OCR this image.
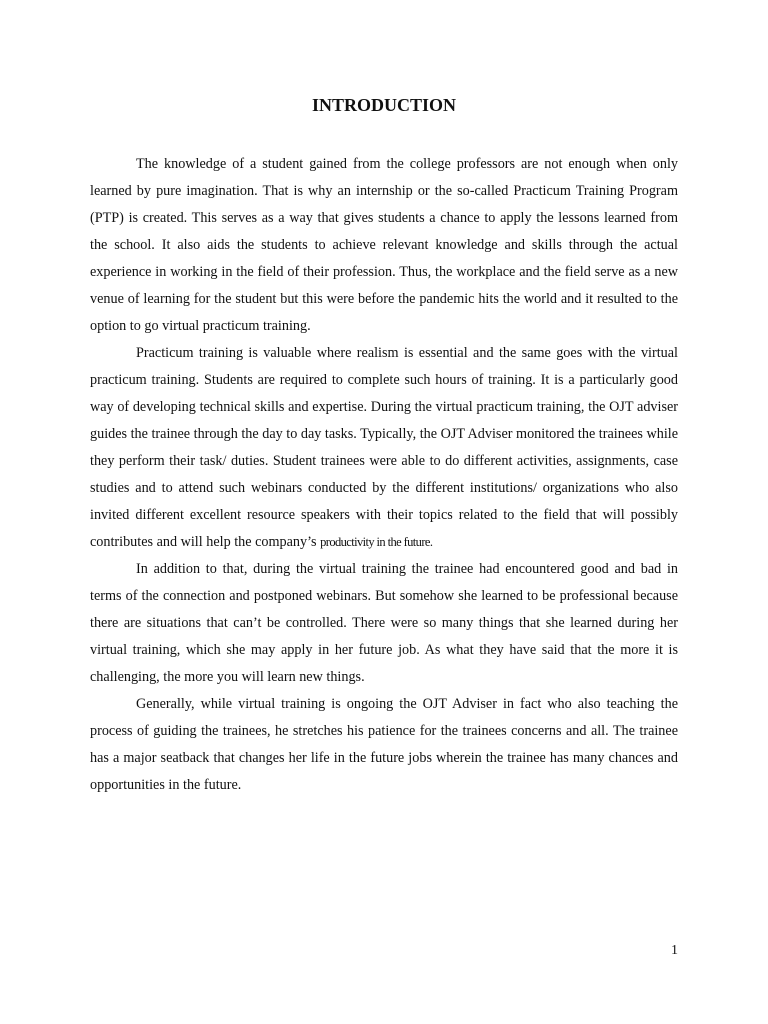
INTRODUCTION

The knowledge of a student gained from the college professors are not enough when only learned by pure imagination. That is why an internship or the so-called Practicum Training Program (PTP) is created. This serves as a way that gives students a chance to apply the lessons learned from the school. It also aids the students to achieve relevant knowledge and skills through the actual experience in working in the field of their profession. Thus, the workplace and the field serve as a new venue of learning for the student but this were before the pandemic hits the world and it resulted to the option to go virtual practicum training.

Practicum training is valuable where realism is essential and the same goes with the virtual practicum training. Students are required to complete such hours of training. It is a particularly good way of developing technical skills and expertise. During the virtual practicum training, the OJT adviser guides the trainee through the day to day tasks. Typically, the OJT Adviser monitored the trainees while they perform their task/ duties. Student trainees were able to do different activities, assignments, case studies and to attend such webinars conducted by the different institutions/ organizations who also invited different excellent resource speakers with their topics related to the field that will possibly contributes and will help the company’s productivity in the future.

In addition to that, during the virtual training the trainee had encountered good and bad in terms of the connection and postponed webinars. But somehow she learned to be professional because there are situations that can’t be controlled. There were so many things that she learned during her virtual training, which she may apply in her future job. As what they have said that the more it is challenging, the more you will learn new things.

Generally, while virtual training is ongoing the OJT Adviser in fact who also teaching the process of guiding the trainees, he stretches his patience for the trainees concerns and all. The trainee has a major seatback that changes her life in the future jobs wherein the trainee has many chances and opportunities in the future.

1
